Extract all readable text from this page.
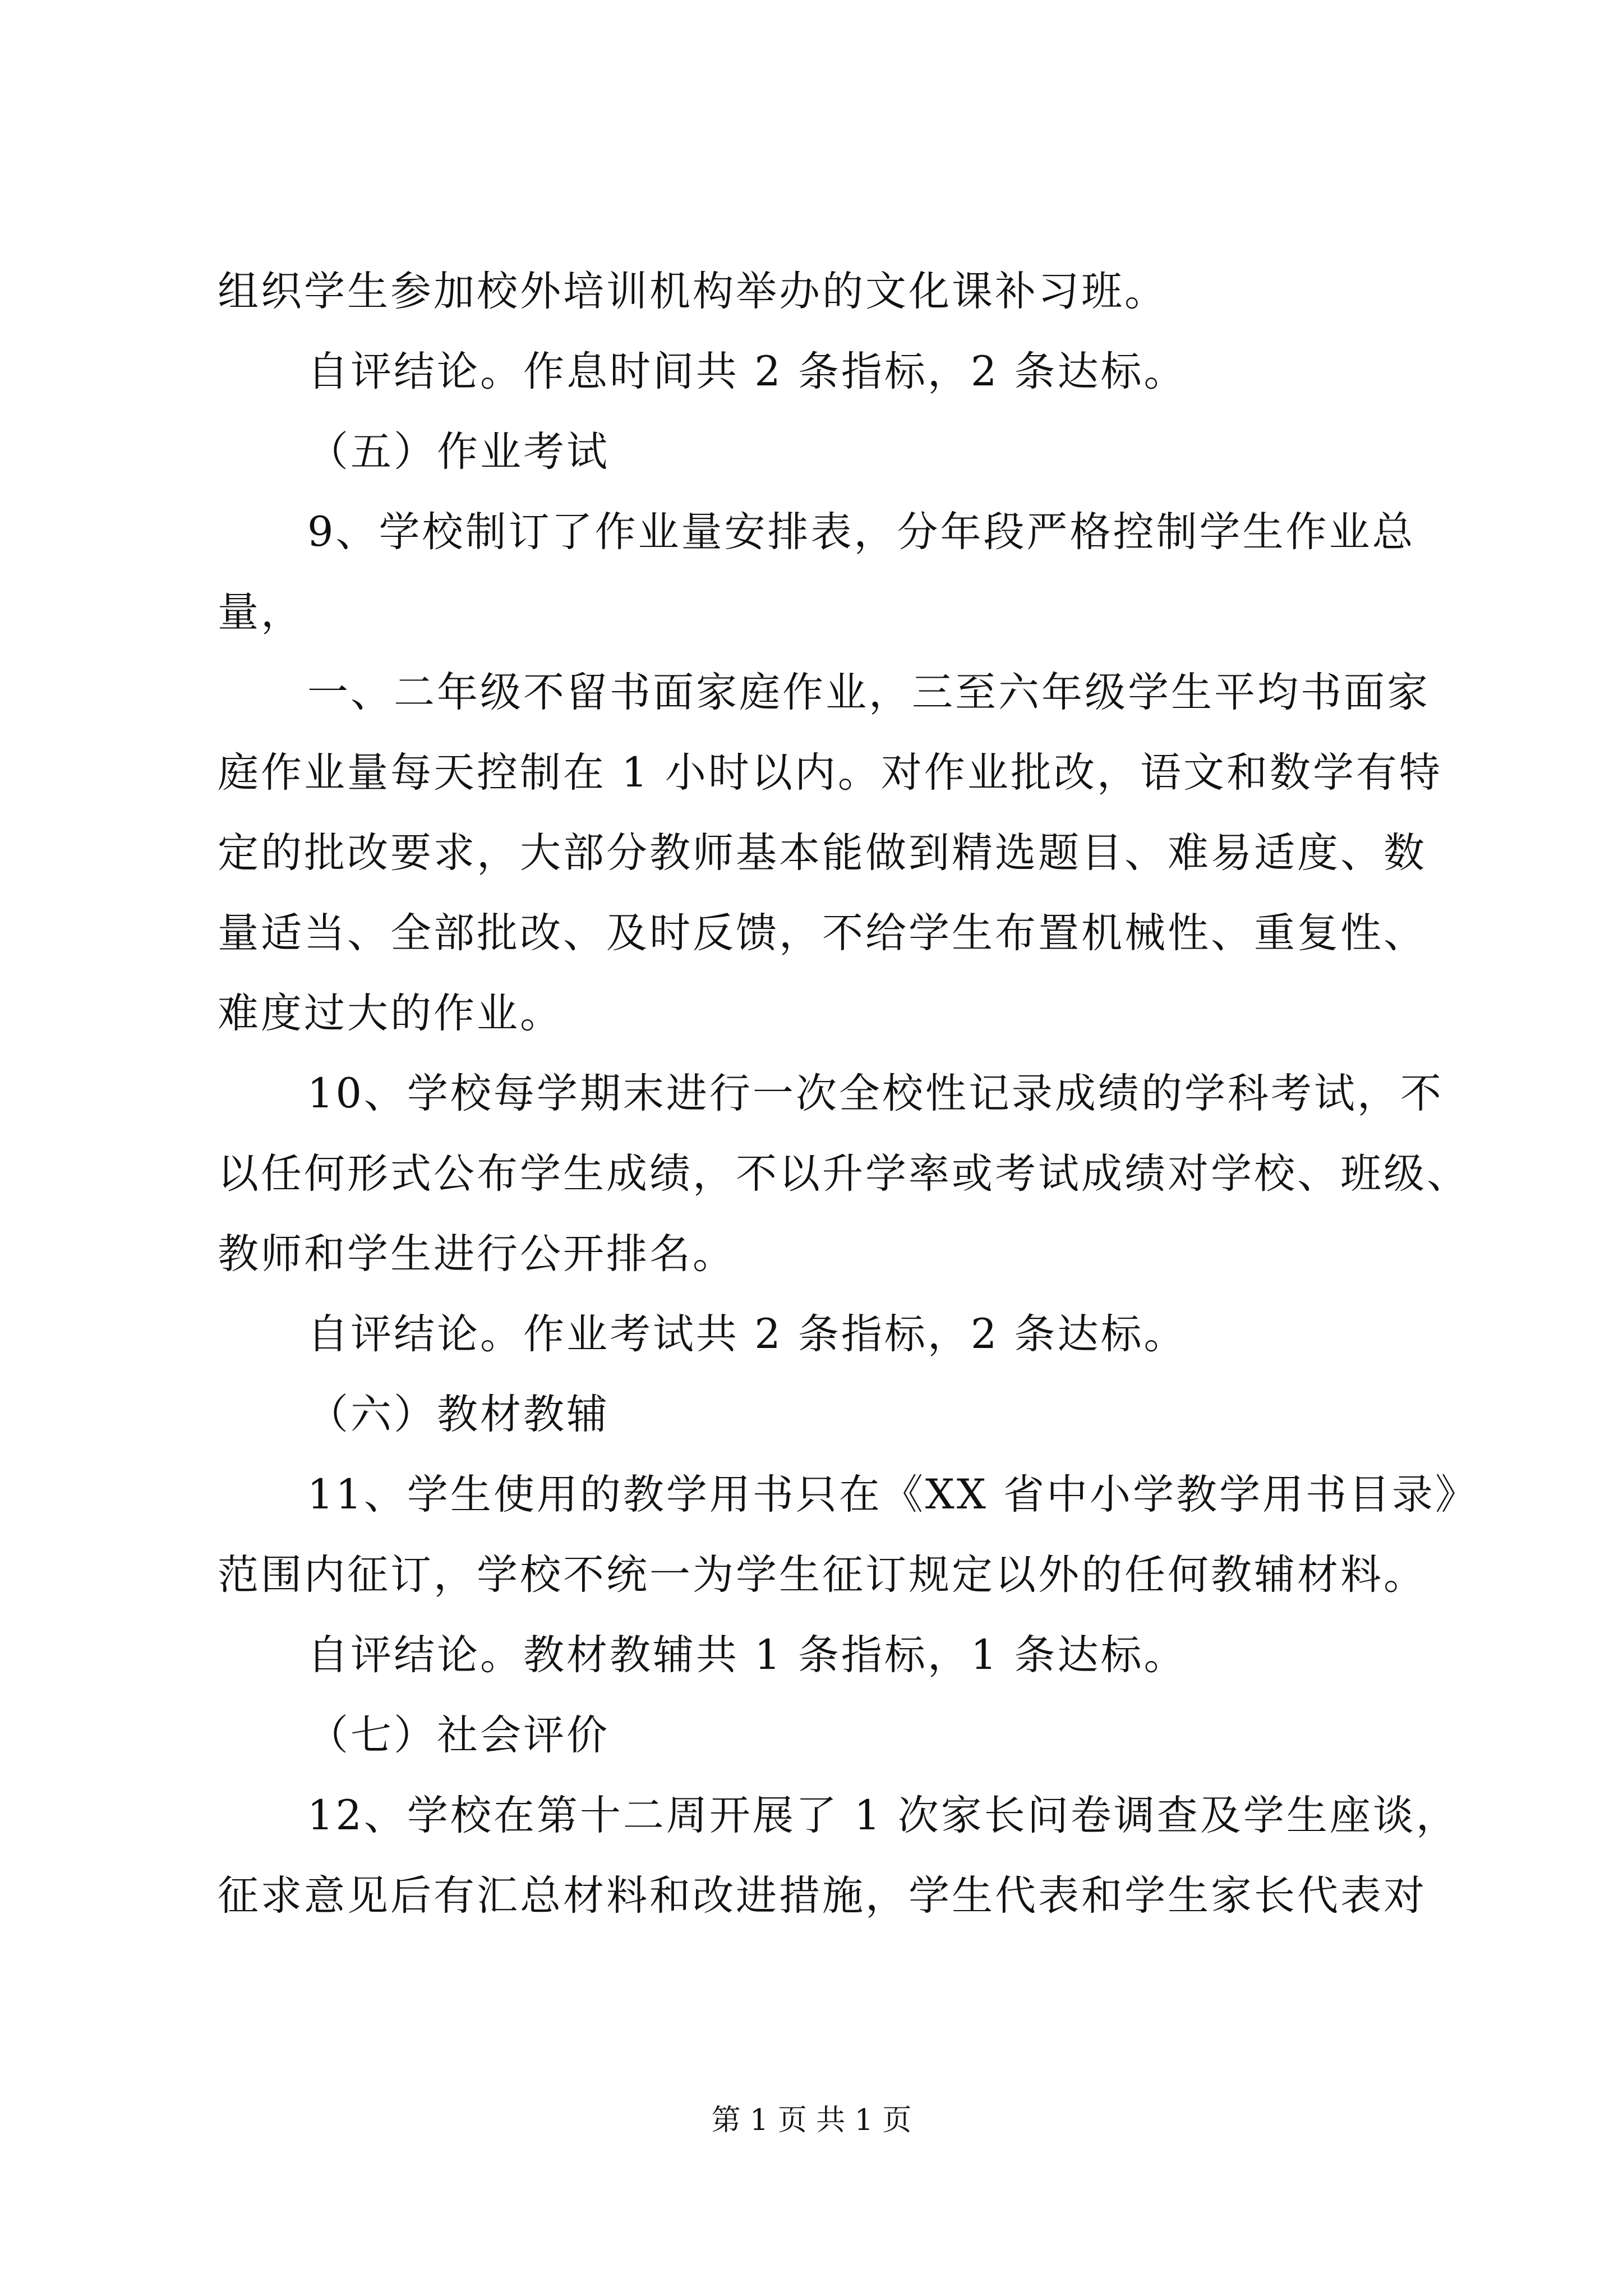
组织学生参加校外培训机构举办的文化课补习班。

自评结论。作息时间共 2 条指标，2 条达标。

（五）作业考试

9、学校制订了作业量安排表，分年段严格控制学生作业总

量，

一、二年级不留书面家庭作业，三至六年级学生平均书面家

庭作业量每天控制在 1 小时以内。对作业批改，语文和数学有特

定的批改要求，大部分教师基本能做到精选题目、难易适度、数

量适当、全部批改、及时反馈，不给学生布置机械性、重复性、

难度过大的作业。

10、学校每学期末进行一次全校性记录成绩的学科考试，不

以任何形式公布学生成绩，不以升学率或考试成绩对学校、班级、

教师和学生进行公开排名。

自评结论。作业考试共 2 条指标，2 条达标。

（六）教材教辅

11、学生使用的教学用书只在《XX 省中小学教学用书目录》

范围内征订，学校不统一为学生征订规定以外的任何教辅材料。

自评结论。教材教辅共 1 条指标，1 条达标。

（七）社会评价

12、学校在第十二周开展了 1 次家长问卷调查及学生座谈，

征求意见后有汇总材料和改进措施，学生代表和学生家长代表对

第 1 页 共 1 页
